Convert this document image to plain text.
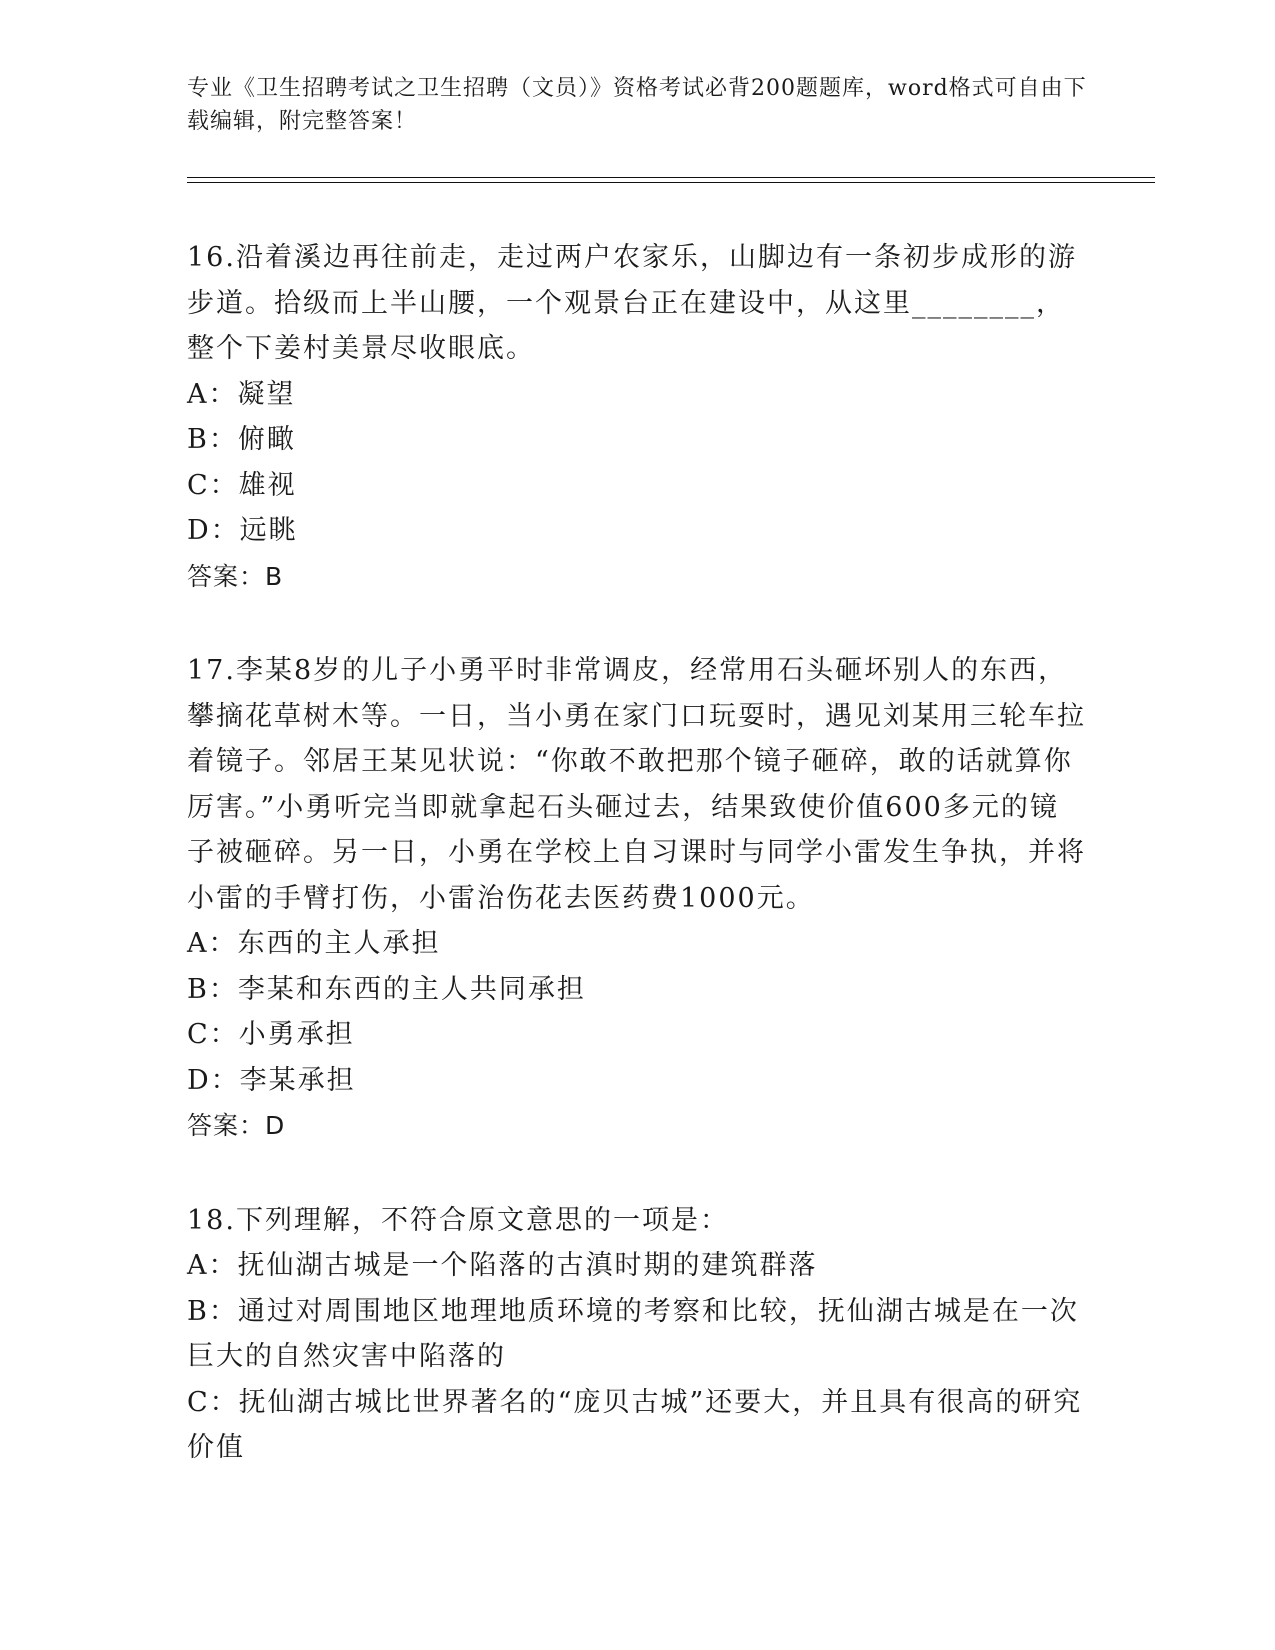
专业《卫生招聘考试之卫生招聘（文员）》资格考试必背200题题库，word格式可自由下载编辑，附完整答案！

16.沿着溪边再往前走，走过两户农家乐，山脚边有一条初步成形的游步道。拾级而上半山腰，一个观景台正在建设中，从这里________，整个下姜村美景尽收眼底。

A：凝望

B：俯瞰

C：雄视

D：远眺

答案：B

17.李某8岁的儿子小勇平时非常调皮，经常用石头砸坏别人的东西，攀摘花草树木等。一日，当小勇在家门口玩耍时，遇见刘某用三轮车拉着镜子。邻居王某见状说：“你敢不敢把那个镜子砸碎，敢的话就算你厉害。”小勇听完当即就拿起石头砸过去，结果致使价值600多元的镜子被砸碎。另一日，小勇在学校上自习课时与同学小雷发生争执，并将小雷的手臂打伤，小雷治伤花去医药费1000元。

A：东西的主人承担

B：李某和东西的主人共同承担

C：小勇承担

D：李某承担

答案：D

18.下列理解，不符合原文意思的一项是：

A：抚仙湖古城是一个陷落的古滇时期的建筑群落

B：通过对周围地区地理地质环境的考察和比较，抚仙湖古城是在一次巨大的自然灾害中陷落的

C：抚仙湖古城比世界著名的“庞贝古城”还要大，并且具有很高的研究价值
